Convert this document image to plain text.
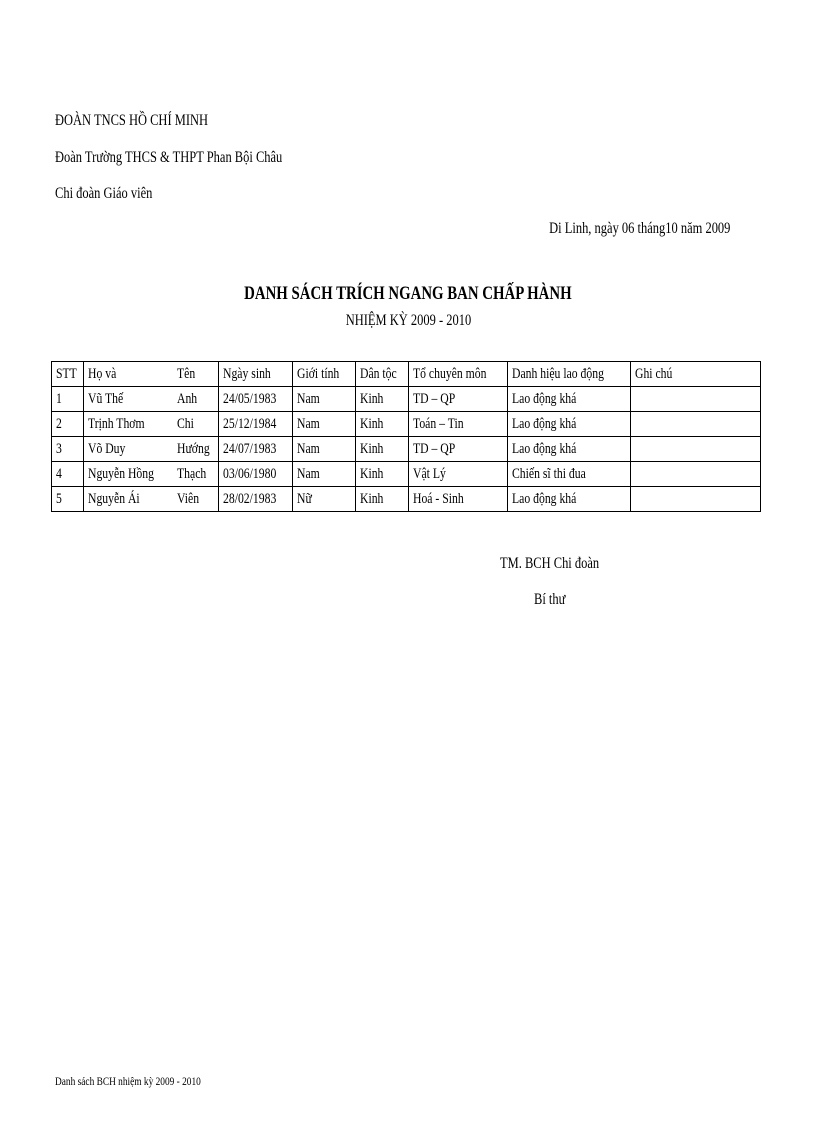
ĐOÀN TNCS HỒ CHÍ MINH
Đoàn Trường THCS & THPT Phan Bội Châu
Chi đoàn Giáo viên
Di Linh, ngày 06 tháng10 năm 2009
DANH SÁCH TRÍCH NGANG BAN CHẤP HÀNH
NHIỆM KỲ 2009 - 2010
STT	Họ và	Tên	Ngày sinh	Giới tính	Dân tộc	Tổ chuyên môn	Danh hiệu lao động	Ghi chú
1	Vũ Thế	Anh	24/05/1983	Nam	Kinh	TD – QP	Lao động khá	
2	Trịnh Thơm	Chi	25/12/1984	Nam	Kinh	Toán – Tin	Lao động khá	
3	Võ Duy	Hướng	24/07/1983	Nam	Kinh	TD – QP	Lao động khá	
4	Nguyễn Hồng	Thạch	03/06/1980	Nam	Kinh	Vật Lý	Chiến sĩ thi đua	
5	Nguyễn Ái	Viên	28/02/1983	Nữ	Kinh	Hoá - Sinh	Lao động khá	
TM. BCH Chi đoàn
Bí thư
Danh sách BCH nhiệm kỳ 2009 - 2010
